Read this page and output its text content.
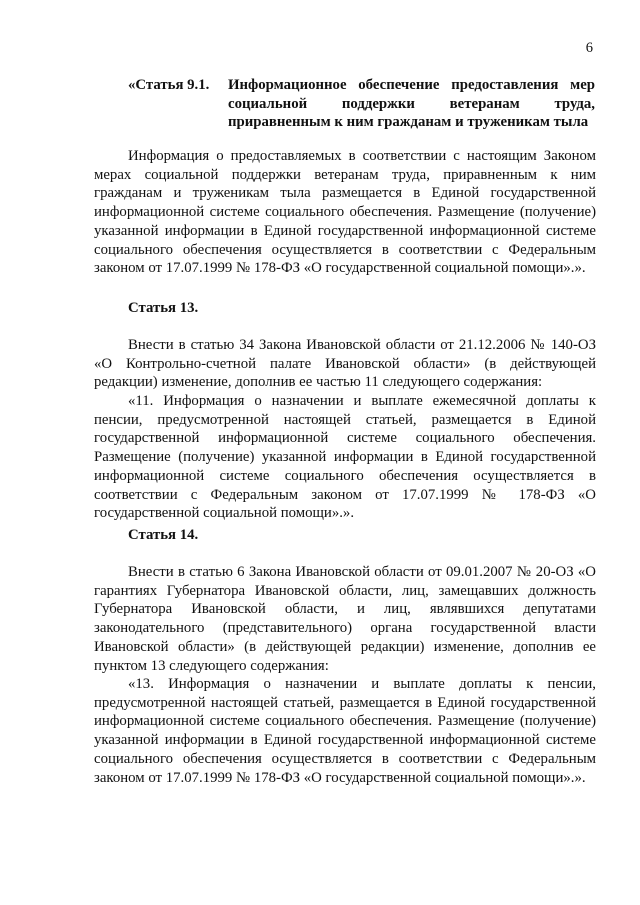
6
«Статья 9.1.	Информационное обеспечение предоставления мер социальной поддержки ветеранам труда, приравненным к ним гражданам и труженикам тыла

Информация о предоставляемых в соответствии с настоящим Законом мерах социальной поддержки ветеранам труда, приравненным к ним гражданам и труженикам тыла размещается в Единой государственной информационной системе социального обеспечения. Размещение (получение) указанной информации в Единой государственной информационной системе социального обеспечения осуществляется в соответствии с Федеральным законом от 17.07.1999 № 178-ФЗ «О государственной социальной помощи».».

Статья 13.

Внести в статью 34 Закона Ивановской области от 21.12.2006 № 140-ОЗ «О Контрольно-счетной палате Ивановской области» (в действующей редакции) изменение, дополнив ее частью 11 следующего содержания:

«11. Информация о назначении и выплате ежемесячной доплаты к пенсии, предусмотренной настоящей статьей, размещается в Единой государственной информационной системе социального обеспечения. Размещение (получение) указанной информации в Единой государственной информационной системе социального обеспечения осуществляется в соответствии с Федеральным законом от 17.07.1999 № 178-ФЗ «О государственной социальной помощи».».

Статья 14.

Внести в статью 6 Закона Ивановской области от 09.01.2007 № 20-ОЗ «О гарантиях Губернатора Ивановской области, лиц, замещавших должность Губернатора Ивановской области, и лиц, являвшихся депутатами законодательного (представительного) органа государственной власти Ивановской области» (в действующей редакции) изменение, дополнив ее пунктом 13 следующего содержания:

«13. Информация о назначении и выплате доплаты к пенсии, предусмотренной настоящей статьей, размещается в Единой государственной информационной системе социального обеспечения. Размещение (получение) указанной информации в Единой государственной информационной системе социального обеспечения осуществляется в соответствии с Федеральным законом от 17.07.1999 № 178-ФЗ «О государственной социальной помощи».».
